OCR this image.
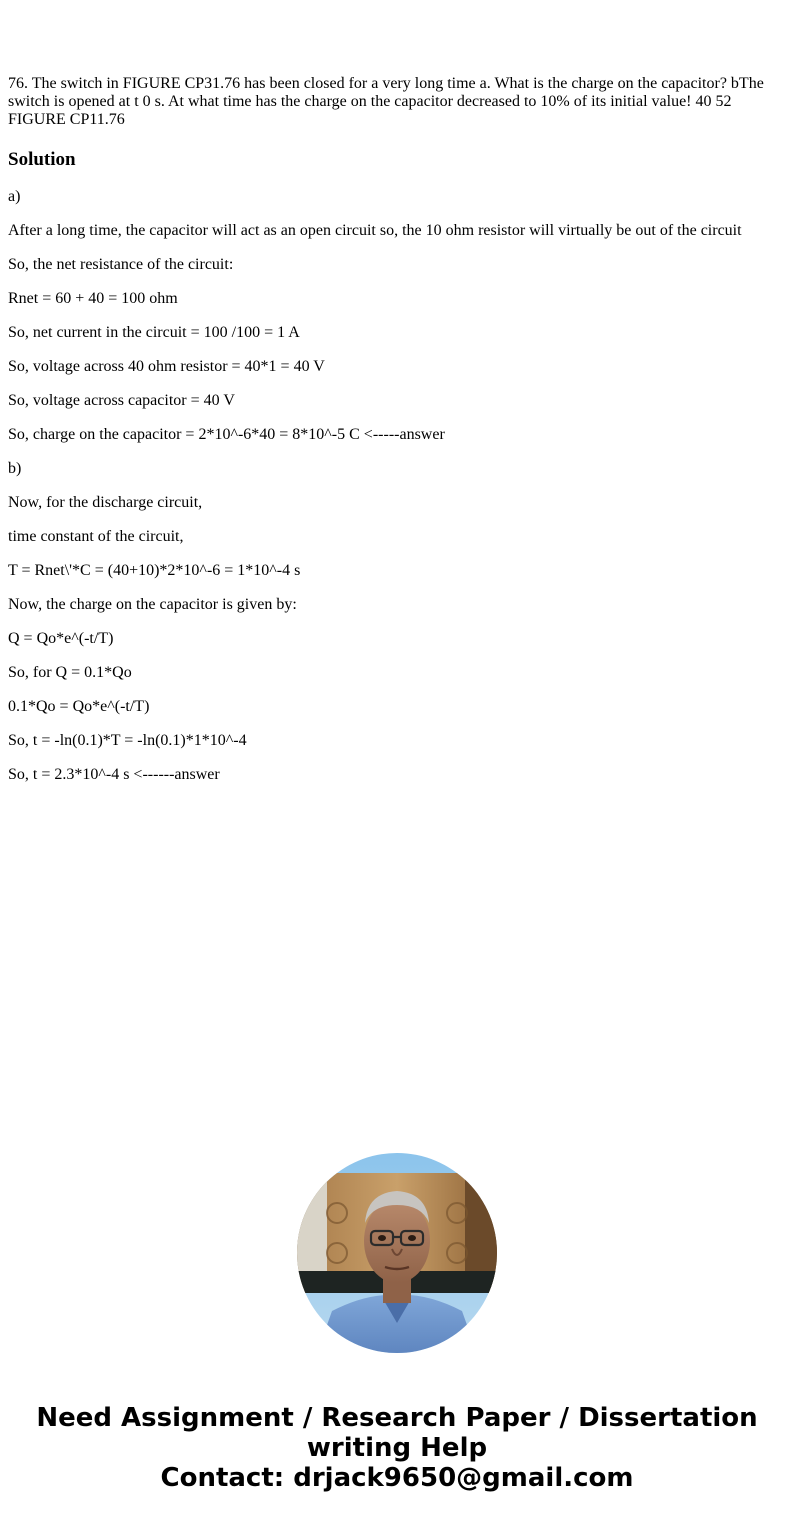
76. The switch in FIGURE CP31.76 has been closed for a very long time a. What is the charge on the capacitor? bThe switch is opened at t 0 s. At what time has the charge on the capacitor decreased to 10% of its initial value! 40 52 FIGURE CP11.76

Solution

a)

After a long time, the capacitor will act as an open circuit so, the 10 ohm resistor will virtually be out of the circuit

So, the net resistance of the circuit:

Rnet = 60 + 40 = 100 ohm

So, net current in the circuit = 100 /100 = 1 A

So, voltage across 40 ohm resistor = 40*1 = 40 V

So, voltage across capacitor = 40 V

So, charge on the capacitor = 2*10^-6*40 = 8*10^-5 C <-----answer

b)

Now, for the discharge circuit,

time constant of the circuit,

T = Rnet\'*C = (40+10)*2*10^-6 = 1*10^-4 s

Now, the charge on the capacitor is given by:

Q = Qo*e^(-t/T)

So, for Q = 0.1*Qo

0.1*Qo = Qo*e^(-t/T)

So, t = -ln(0.1)*T = -ln(0.1)*1*10^-4

So, t = 2.3*10^-4 s <------answer

Need Assignment / Research Paper / Dissertation
writing Help
Contact: drjack9650@gmail.com
